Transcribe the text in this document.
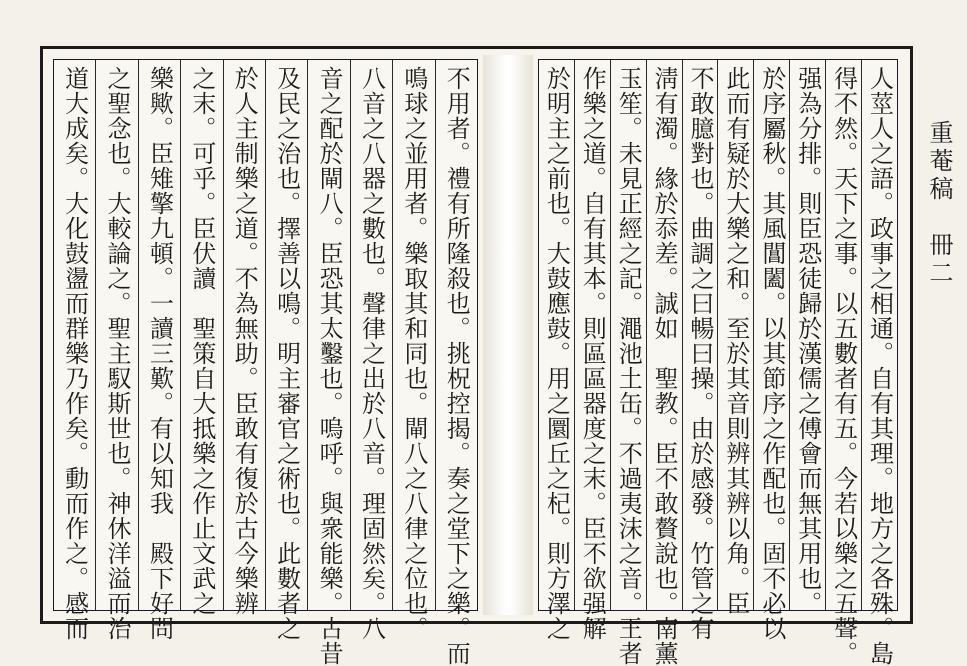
不用者。禮有所隆殺也。挑柷控揭。奏之堂下之樂。而
鳴球之並用者。樂取其和同也。閘八之八律之位也。
八音之八器之數也。聲律之出於八音。理固然矣。八
音之配於閘八。臣恐其太鑿也。嗚呼。與衆能樂。古昔
及民之治也。擇善以鳴。明主審官之術也。此數者之
於人主制樂之道。不為無助。臣敢有復於古今樂辨
之末。可乎。臣伏讀　聖策自大抵樂之作止文武之
樂歟。臣雉擎九頓。一讀三歎。有以知我　殿下好問
之聖念也。大較論之。聖主馭斯世也。神休洋溢而治
道大成矣。大化鼓盪而群樂乃作矣。動而作之。感而	人莖人之語。政事之相通。自有其理。地方之各殊。島
得不然。天下之事。以五數者有五。今若以樂之五聲。
强為分排。則臣恐徒歸於漢儒之傅會而無其用也。
於序屬秋。其風閶闔。以其節序之作配也。固不必以
此而有疑於大樂之和。至於其音則辨其辨以角。臣
不敢臆對也。曲調之曰暢曰操。由於感發。竹管之有
淸有濁。緣於忝差。誠如　聖教。臣不敢贅說也。南薰
玉笙。未見正經之記。澠池土缶。不過夷沫之音。王者
作樂之道。自有其本。則區區器度之末。臣不欲强解
於明主之前也。大鼓應鼓。用之圜丘之杞。則方澤之	重菴稿　冊二
